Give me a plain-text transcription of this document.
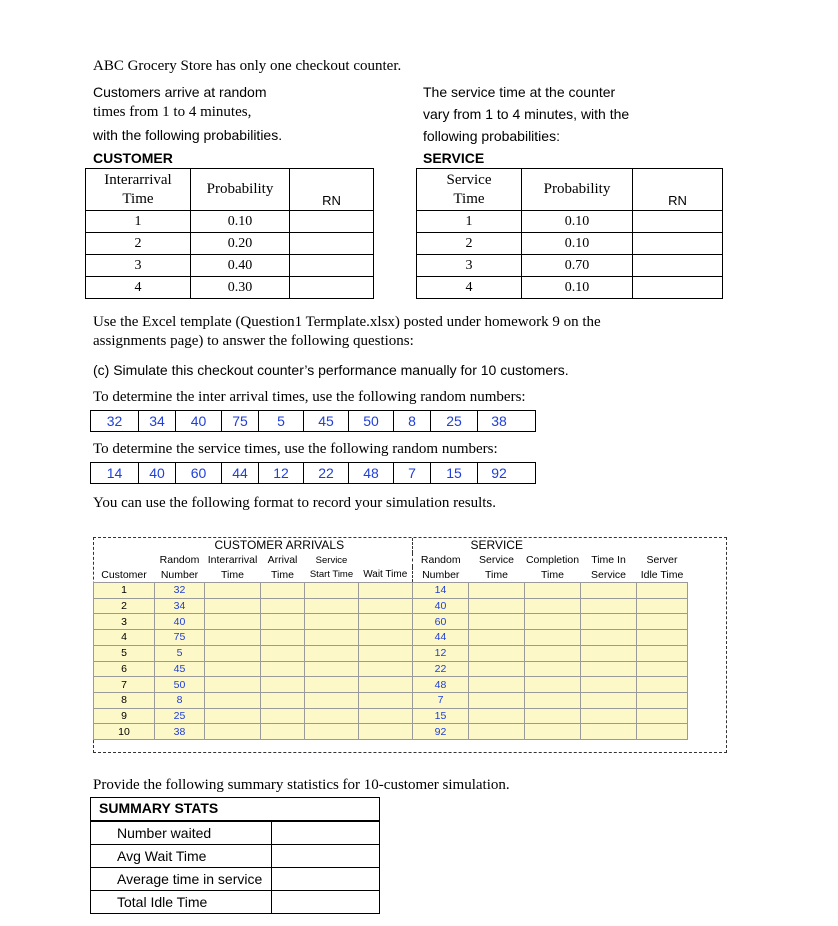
ABC Grocery Store has only one checkout counter.
Customers arrive at random
times from 1 to 4 minutes,
with the following probabilities.
CUSTOMER
The service time at the counter
vary from 1 to 4 minutes, with the
following probabilities:
SERVICE
Interarrival
Time	Probability	RN
1	0.10	
2	0.20	
3	0.40	
4	0.30	
Service
Time	Probability	RN
1	0.10	
2	0.10	
3	0.70	
4	0.10	
Use the Excel template (Question1 Termplate.xlsx) posted under homework 9 on the
assignments page) to answer the following questions:
(c) Simulate this checkout counter’s performance manually for 10 customers.
To determine the inter arrival times, use the following random numbers:
32	34	40	75	5	45	50	8	25	38
To determine the service times, use the following random numbers:
14	40	60	44	12	22	48	7	15	92
You can use the following format to record your simulation results.
	CUSTOMER ARRIVALS					SERVICE				
	Random	Interarrival	Arrival	Service		Random	Service	Completion	Time In	Server
Customer	Number	Time	Time	Start Time	Wait Time	Number	Time	Time	Service	Idle Time
1	32					14				
2	34					40				
3	40					60				
4	75					44				
5	5					12				
6	45					22				
7	50					48				
8	8					7				
9	25					15				
10	38					92				
Provide the following summary statistics for 10-customer simulation.
SUMMARY STATS
Number waited
Avg Wait Time
Average time in service
Total Idle Time
